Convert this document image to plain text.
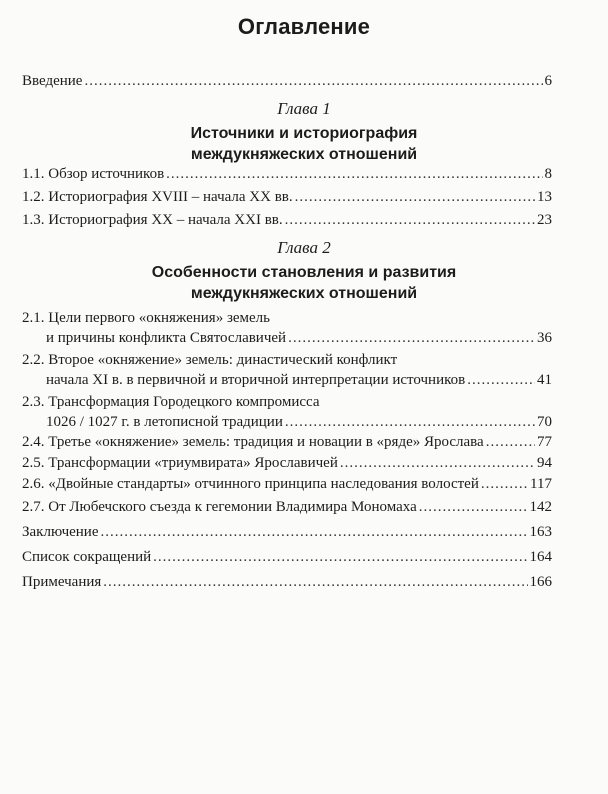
Оглавление
Введение .....	6
Глава 1
Источники и историография
междукняжеских отношений
1.1. Обзор источников .....	8
1.2. Историография XVIII – начала XX вв. .....	13
1.3. Историография XX – начала XXI вв. .....	23
Глава 2
Особенности становления и развития
междукняжеских отношений
2.1. Цели первого «окняжения» земель
и причины конфликта Святославичей .....	36
2.2. Второе «окняжение» земель: династический конфликт
начала XI в. в первичной и вторичной интерпретации источников .....	41
2.3. Трансформация Городецкого компромисса
1026 / 1027 г. в летописной традиции .....	70
2.4. Третье «окняжение» земель: традиция и новации в «ряде» Ярослава .....	77
2.5. Трансформации «триумвирата» Ярославичей .....	94
2.6. «Двойные стандарты» отчинного принципа наследования волостей .....	117
2.7. От Любечского съезда к гегемонии Владимира Мономаха .....	142
Заключение .....	163
Список сокращений .....	164
Примечания .....	166
